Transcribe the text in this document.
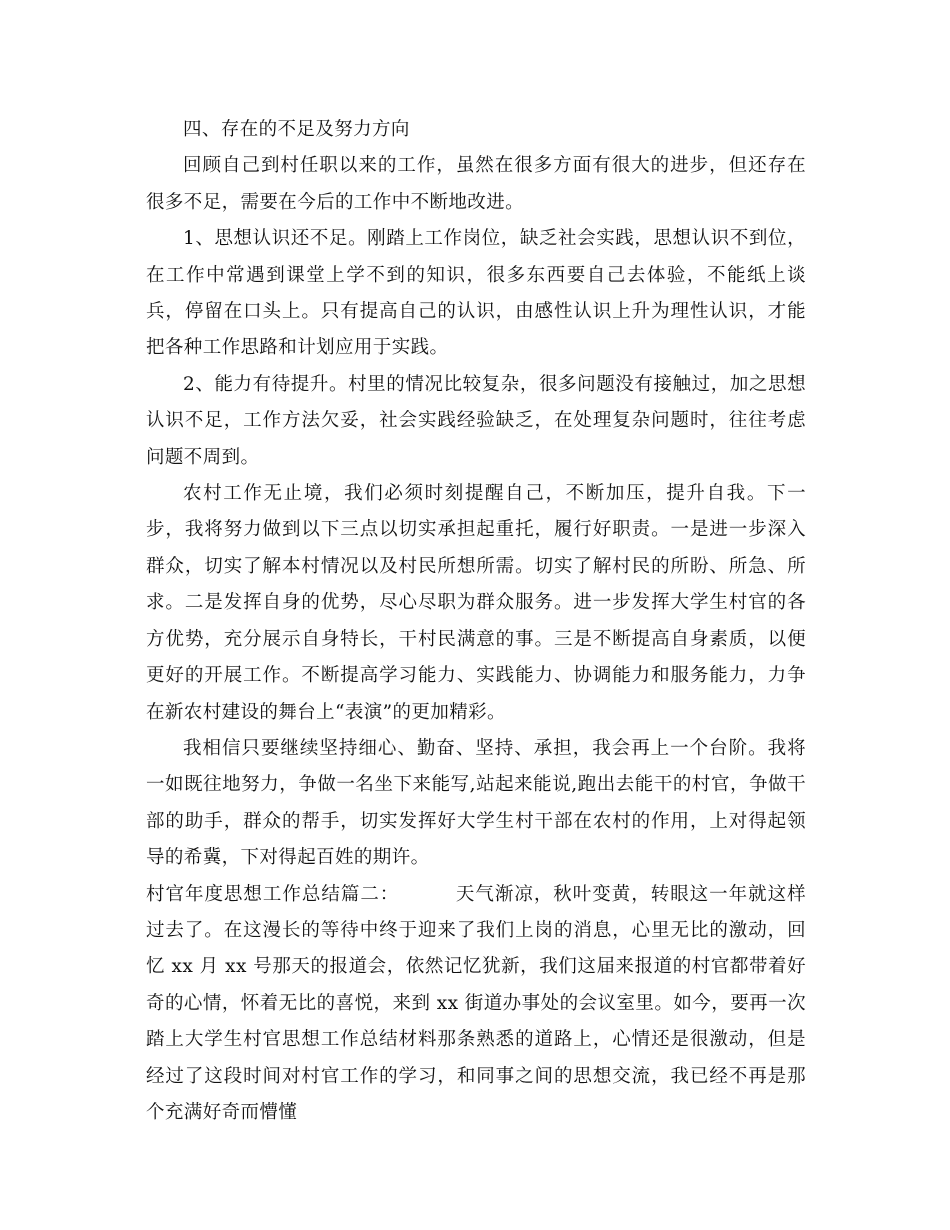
四、存在的不足及努力方向

回顾自己到村任职以来的工作，虽然在很多方面有很大的进步，但还存在很多不足，需要在今后的工作中不断地改进。

1、思想认识还不足。刚踏上工作岗位，缺乏社会实践，思想认识不到位，在工作中常遇到课堂上学不到的知识，很多东西要自己去体验，不能纸上谈兵，停留在口头上。只有提高自己的认识，由感性认识上升为理性认识，才能把各种工作思路和计划应用于实践。

2、能力有待提升。村里的情况比较复杂，很多问题没有接触过，加之思想认识不足，工作方法欠妥，社会实践经验缺乏，在处理复杂问题时，往往考虑问题不周到。

农村工作无止境，我们必须时刻提醒自己，不断加压，提升自我。下一步，我将努力做到以下三点以切实承担起重托，履行好职责。一是进一步深入群众，切实了解本村情况以及村民所想所需。切实了解村民的所盼、所急、所求。二是发挥自身的优势，尽心尽职为群众服务。进一步发挥大学生村官的各方优势，充分展示自身特长，干村民满意的事。三是不断提高自身素质，以便更好的开展工作。不断提高学习能力、实践能力、协调能力和服务能力，力争在新农村建设的舞台上“表演”的更加精彩。

我相信只要继续坚持细心、勤奋、坚持、承担，我会再上一个台阶。我将一如既往地努力，争做一名坐下来能写,站起来能说,跑出去能干的村官，争做干部的助手，群众的帮手，切实发挥好大学生村干部在农村的作用，上对得起领导的希冀，下对得起百姓的期许。

村官年度思想工作总结篇二：	天气渐凉，秋叶变黄，转眼这一年就这样过去了。在这漫长的等待中终于迎来了我们上岗的消息，心里无比的激动，回忆 xx 月 xx 号那天的报道会，依然记忆犹新，我们这届来报道的村官都带着好奇的心情，怀着无比的喜悦，来到 xx 街道办事处的会议室里。如今，要再一次踏上大学生村官思想工作总结材料那条熟悉的道路上，心情还是很激动，但是经过了这段时间对村官工作的学习，和同事之间的思想交流，我已经不再是那个充满好奇而懵懂
